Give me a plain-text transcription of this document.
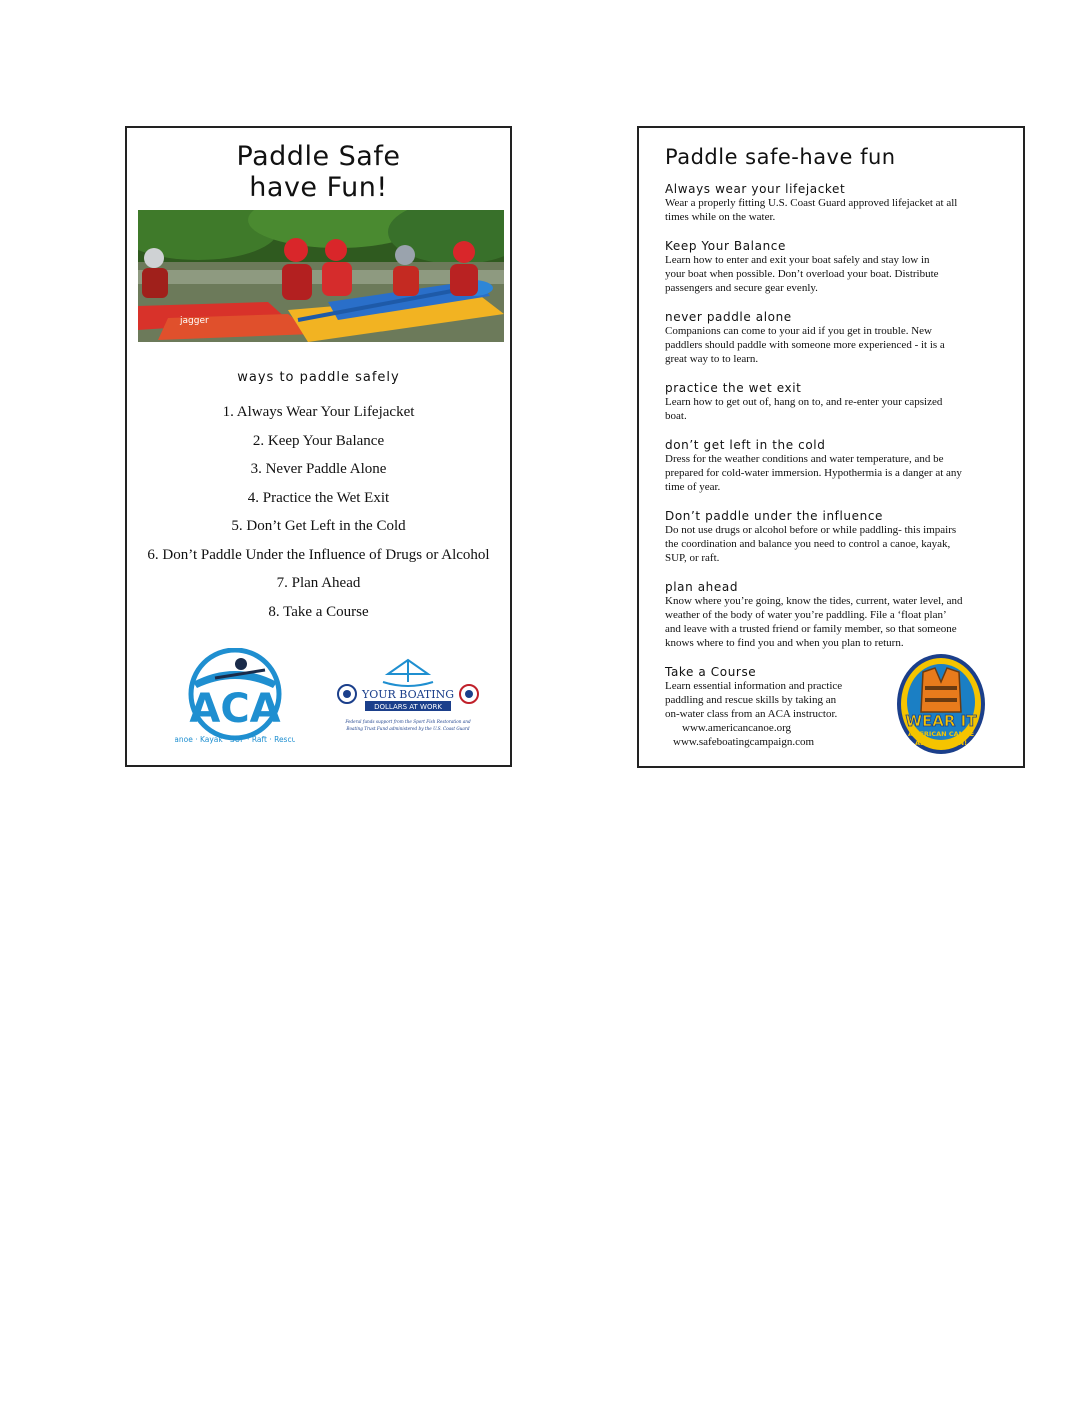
Paddle Safe
have Fun!
jagger
ways to paddle safely
1. Always Wear Your Lifejacket
2. Keep Your Balance
3. Never Paddle Alone
4. Practice the Wet Exit
5. Don’t Get Left in the Cold
6. Don’t Paddle Under the Influence of Drugs or Alcohol
7. Plan Ahead
8. Take a Course
ACA
Canoe · Kayak · SUP · Raft · Rescue
YOUR BOATING
DOLLARS AT WORK
Federal funds support from the Sport Fish Restoration and
Boating Trust Fund administered by the U.S. Coast Guard
Paddle safe-have fun
Always wear your lifejacket

Wear a properly fitting U.S. Coast Guard approved lifejacket at all

times while on the water.

Keep Your Balance

Learn how to enter and exit your boat safely and stay low in

your boat when possible. Don’t overload your boat. Distribute

passengers and secure gear evenly.

never paddle alone

Companions can come to your aid if you get in trouble. New

paddlers should paddle with someone more experienced - it is a

great way to to learn.

practice the wet exit

Learn how to get out of, hang on to, and re-enter your capsized

boat.

don’t get left in the cold

Dress for the weather conditions and water temperature, and be

prepared for cold-water immersion. Hypothermia is a danger at any

time of year.

Don’t paddle under the influence

Do not use drugs or alcohol before or while paddling- this impairs

the coordination and balance you need to control a canoe, kayak,

SUP, or raft.

plan ahead

Know where you’re going, know the tides, current, water level, and

weather of the body of water you’re paddling. File a ‘float plan’

and leave with a trusted friend or family member, so that someone

knows where to find you and when you plan to return.

Take a Course

Learn essential information and practice

paddling and rescue skills by taking an

on-water class from an ACA instructor.

www.americancanoe.org
www.safeboatingcampaign.com
WEAR IT
AMERICAN CANOE
ASSOCIATION!
